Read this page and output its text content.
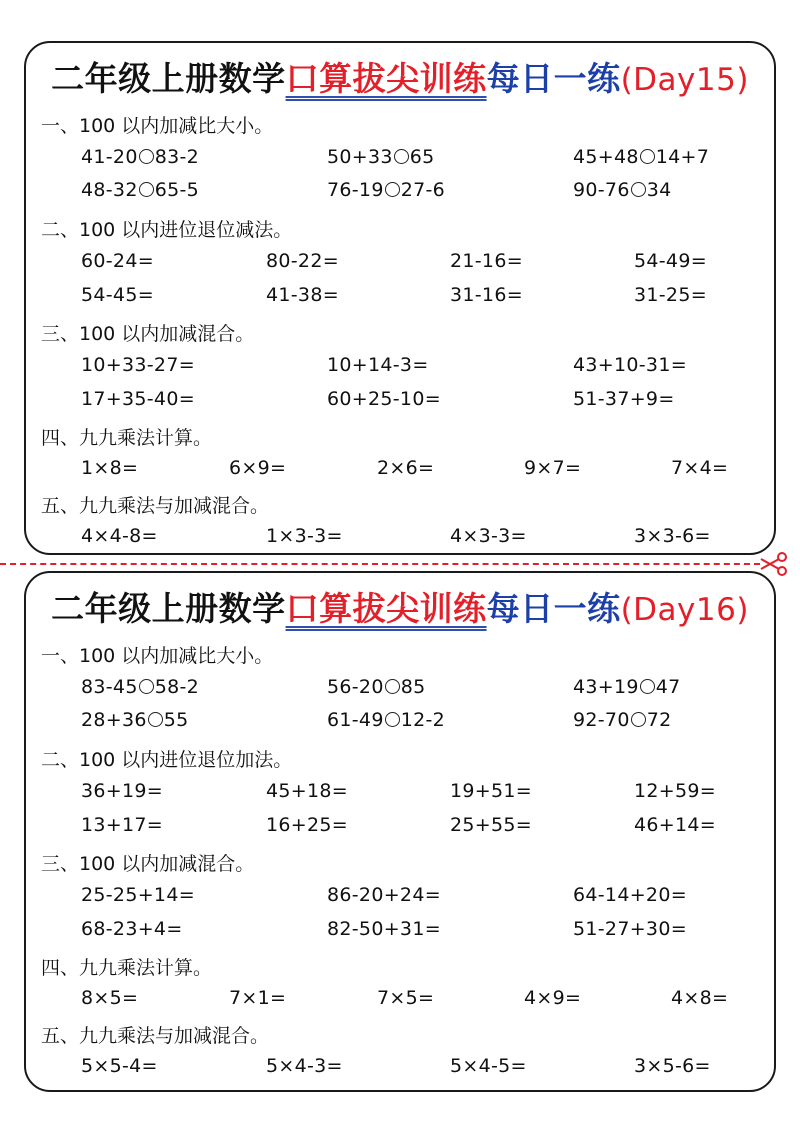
二年级上册数学口算拔尖训练每日一练(Day15)
一、100 以内加减比大小。
41-20 83-2	50+33 65	45+48 14+7
48-32 65-5	76-19 27-6	90-76 34
二、100 以内进位退位减法。
60-24=	80-22=	21-16=	54-49=
54-45=	41-38=	31-16=	31-25=
三、100 以内加减混合。
10+33-27=	10+14-3=	43+10-31=
17+35-40=	60+25-10=	51-37+9=
四、九九乘法计算。
1×8=	6×9=	2×6=	9×7=	7×4=
五、九九乘法与加减混合。
4×4-8=	1×3-3=	4×3-3=	3×3-6=
二年级上册数学口算拔尖训练每日一练(Day16)
一、100 以内加减比大小。
83-45 58-2	56-20 85	43+19 47
28+36 55	61-49 12-2	92-70 72
二、100 以内进位退位加法。
36+19=	45+18=	19+51=	12+59=
13+17=	16+25=	25+55=	46+14=
三、100 以内加减混合。
25-25+14=	86-20+24=	64-14+20=
68-23+4=	82-50+31=	51-27+30=
四、九九乘法计算。
8×5=	7×1=	7×5=	4×9=	4×8=
五、九九乘法与加减混合。
5×5-4=	5×4-3=	5×4-5=	3×5-6=
